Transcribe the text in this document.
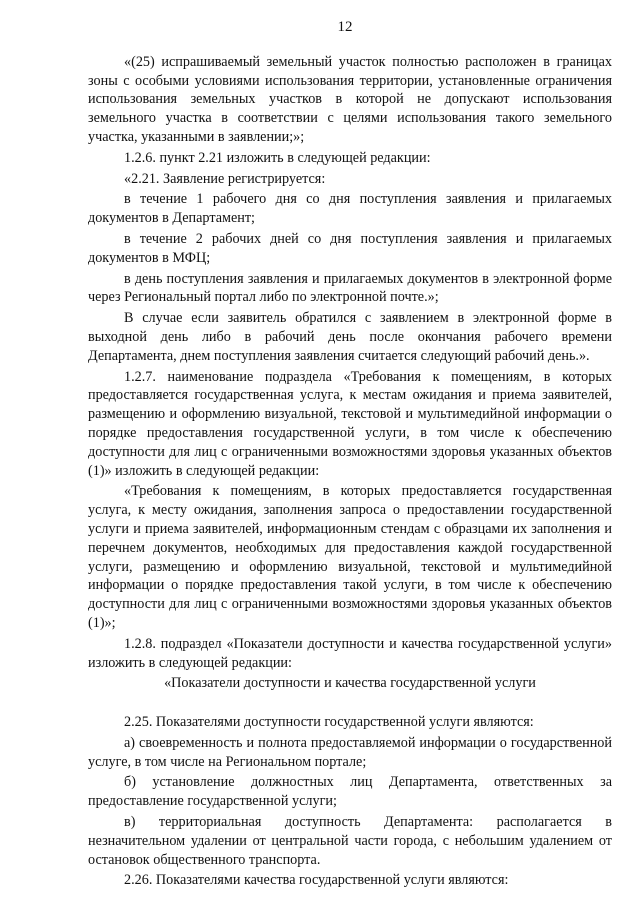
12

«(25) испрашиваемый земельный участок полностью расположен в границах зоны с особыми условиями использования территории, установленные ограничения использования земельных участков в которой не допускают использования земельного участка в соответствии с целями использования такого земельного участка, указанными в заявлении;»;

1.2.6. пункт 2.21 изложить в следующей редакции:

«2.21. Заявление регистрируется:

в течение 1 рабочего дня со дня поступления заявления и прилагаемых документов в Департамент;

в течение 2 рабочих дней со дня поступления заявления и прилагаемых документов в МФЦ;

в день поступления заявления и прилагаемых документов в электронной форме через Региональный портал либо по электронной почте.»;

В случае если заявитель обратился с заявлением в электронной форме в выходной день либо в рабочий день после окончания рабочего времени Департамента, днем поступления заявления считается следующий рабочий день.».

1.2.7. наименование подраздела «Требования к помещениям, в которых предоставляется государственная услуга, к местам ожидания и приема заявителей, размещению и оформлению визуальной, текстовой и мультимедийной информации о порядке предоставления государственной услуги, в том числе к обеспечению доступности для лиц с ограниченными возможностями здоровья указанных объектов (1)» изложить в следующей редакции:

«Требования к помещениям, в которых предоставляется государственная услуга, к месту ожидания, заполнения запроса о предоставлении государственной услуги и приема заявителей, информационным стендам с образцами их заполнения и перечнем документов, необходимых для предоставления каждой государственной услуги, размещению и оформлению визуальной, текстовой и мультимедийной информации о порядке предоставления такой услуги, в том числе к обеспечению доступности для лиц с ограниченными возможностями здоровья указанных объектов (1)»;

1.2.8. подраздел «Показатели доступности и качества государственной услуги» изложить в следующей редакции:

«Показатели доступности и качества государственной услуги

2.25. Показателями доступности государственной услуги являются:

а) своевременность и полнота предоставляемой информации о государственной услуге, в том числе на Региональном портале;

б) установление должностных лиц Департамента, ответственных за предоставление государственной услуги;

в) территориальная доступность Департамента: располагается в незначительном удалении от центральной части города, с небольшим удалением от остановок общественного транспорта.

2.26. Показателями качества государственной услуги являются:
